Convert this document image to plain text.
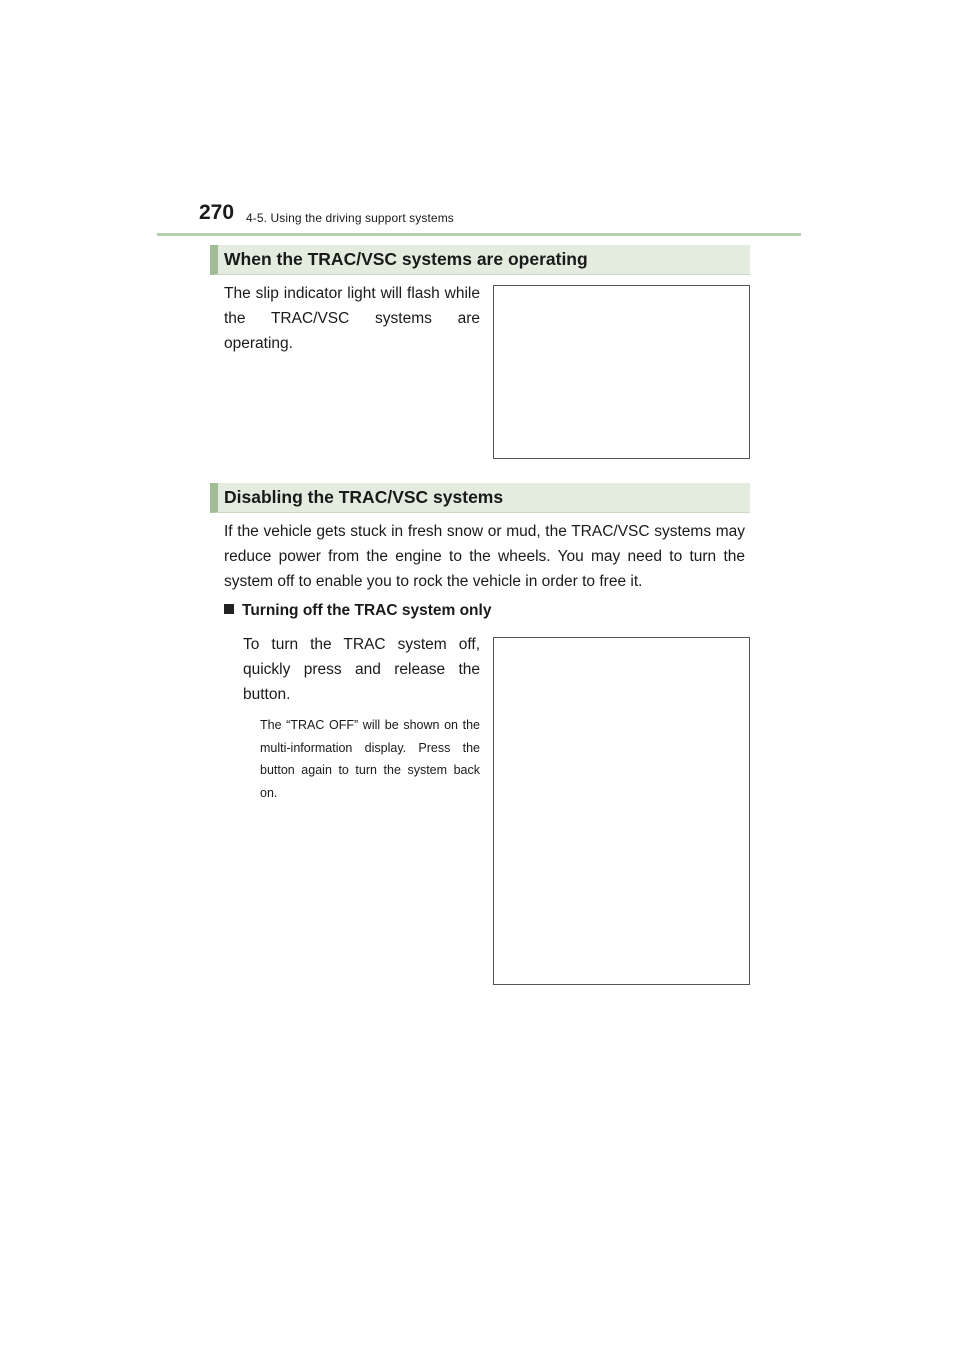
270 4-5. Using the driving support systems
When the TRAC/VSC systems are operating
The slip indicator light will flash while the TRAC/VSC systems are operating.
Disabling the TRAC/VSC systems
If the vehicle gets stuck in fresh snow or mud, the TRAC/VSC systems may reduce power from the engine to the wheels. You may need to turn the system off to enable you to rock the vehicle in order to free it.
Turning off the TRAC system only
To turn the TRAC system off, quickly press and release the button.
The “TRAC OFF” will be shown on the multi-information display. Press the button again to turn the system back on.
